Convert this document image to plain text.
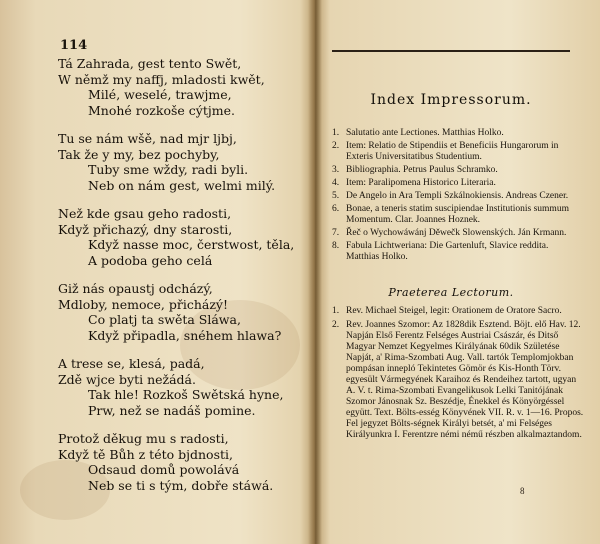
114
Tá Zahrada, gest tento Swět,
W němž my naffj, mladosti kwět,
Milé, weselé, trawjme,
Mnohé rozkoše cýtjme.
Tu se nám wšě, nad mjr ljbj,
Tak že y my, bez pochyby,
Tuby sme wždy, radi byli.
Neb on nám gest, welmi milý.
Než kde gsau geho radosti,
Když přichazý, dny starosti,
Když nasse moc, čerstwost, těla,
A podoba geho celá
Giž nás opaustj odcházý,
Mdloby, nemoce, přicházý!
Co platj ta swěta Sláwa,
Když připadla, snéhem hlawa?
A trese se, klesá, padá,
Zdě wjce byti nežádá.
Tak hle! Rozkoš Swětská hyne,
Prw, než se nadáš pomine.
Protož děkug mu s radosti,
Když tě Bůh z této bjdnosti,
Odsaud domů powolává
Neb se ti s tým, dobře stáwá.
Index Impressorum.
1. Salutatio ante Lectiones. Matthias Holko.
2. Item: Relatio de Stipendiis et Beneficiis Hungarorum in Exteris Universitatibus Studentium.
3. Bibliographia. Petrus Paulus Schramko.
4. Item: Paralipomena Historico Literaria.
5. De Angelo in Ara Templi Szkálnokiensis. Andreas Czener.
6. Bonae, a teneris statim suscipiendae Institutionis summum Momentum. Clar. Joannes Hoznek.
7. Řeč o Wychowáwánj Děwečk Slowenských. Ján Krmann.
8. Fabula Lichtweriana: Die Gartenluft, Slavice reddita. Matthias Holko.
Praeterea Lectorum.
1. Rev. Michael Steigel, legit: Orationem de Oratore Sacro.
2. Rev. Joannes Szomor: Az 1828dik Esztend. Böjt. elő Hav. 12. Napján Első Ferentz Felséges Austriai Császár, és Ditső Magyar Nemzet Kegyelmes Királyának 60dik Születése Napját, a' Rima-Szombati Aug. Vall. tartók Templomjokban pompásan innepló Tekintetes Gömör és Kis-Honth Törv. egyesült Vármegyének Karaihoz és Rendeihez tartott, ugyan A. V. t. Rima-Szombati Evangelikusok Lelki Tanitójának Szomor Jánosnak Sz. Beszédje, Énekkel és Könyörgéssel együtt. Text. Bölts-esség Könyvének VII. R. v. 1—16. Propos. Fel jegyzet Bölts-ségnek Királyi betsét, a' mi Felséges Királyunkra I. Ferentzre némi némű részben alkalmaztandom.
8
